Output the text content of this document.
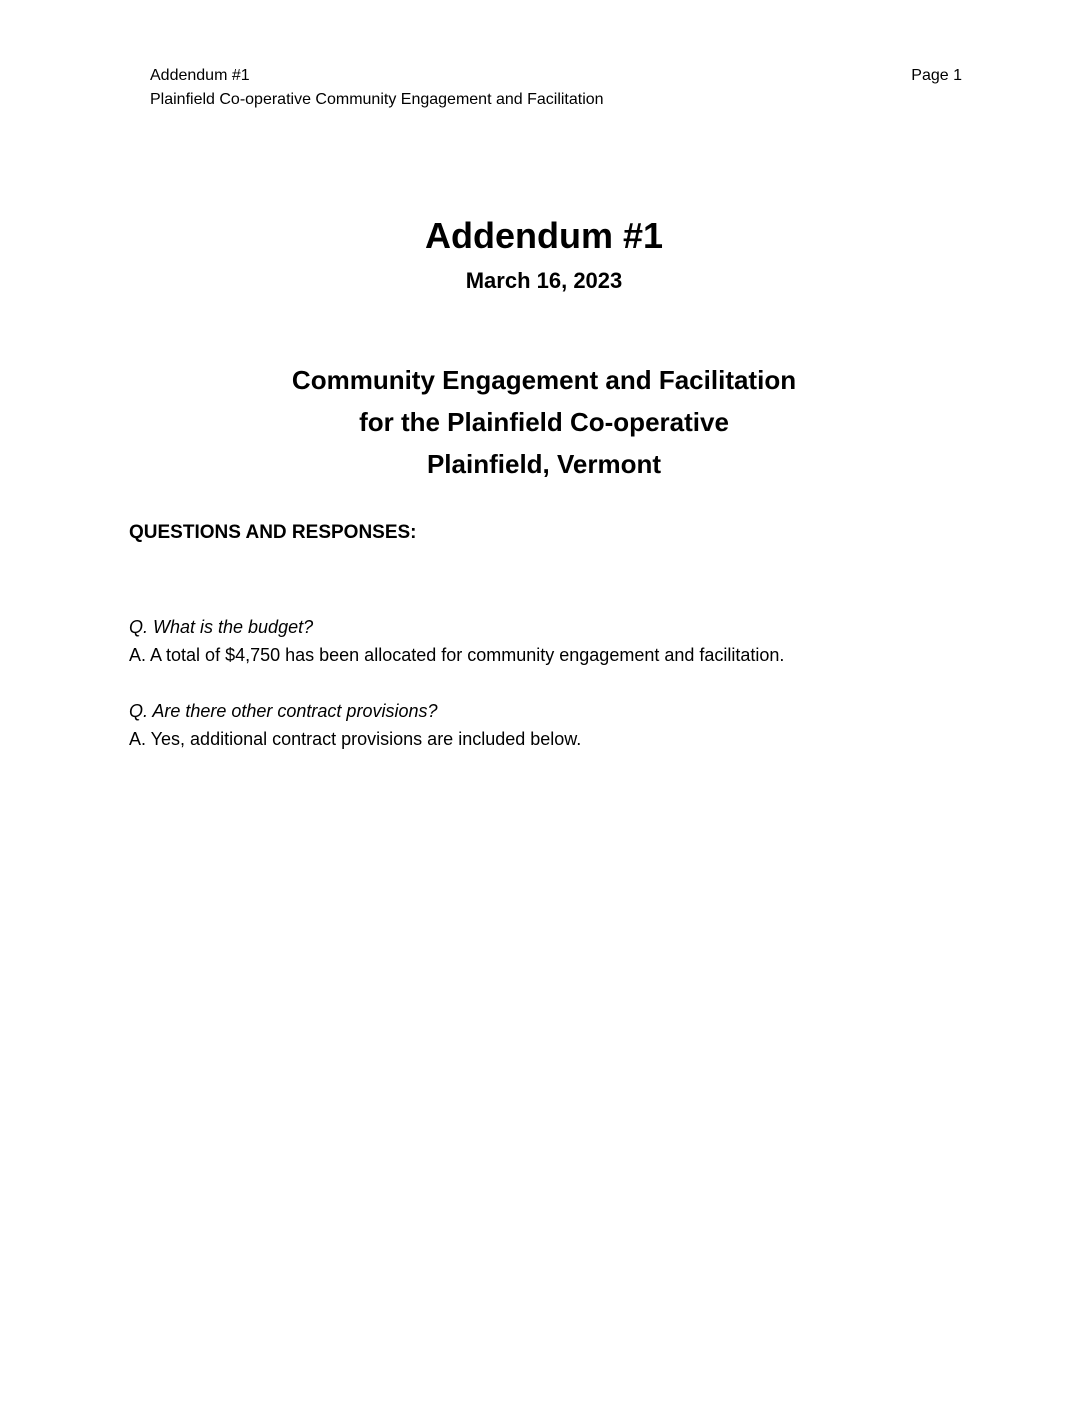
Addendum #1
Plainfield Co-operative Community Engagement and Facilitation
Page 1
Addendum #1
March 16, 2023
Community Engagement and Facilitation
for the Plainfield Co-operative
Plainfield, Vermont
QUESTIONS AND RESPONSES:
Q. What is the budget?
A. A total of $4,750 has been allocated for community engagement and facilitation.
Q. Are there other contract provisions?
A. Yes, additional contract provisions are included below.
